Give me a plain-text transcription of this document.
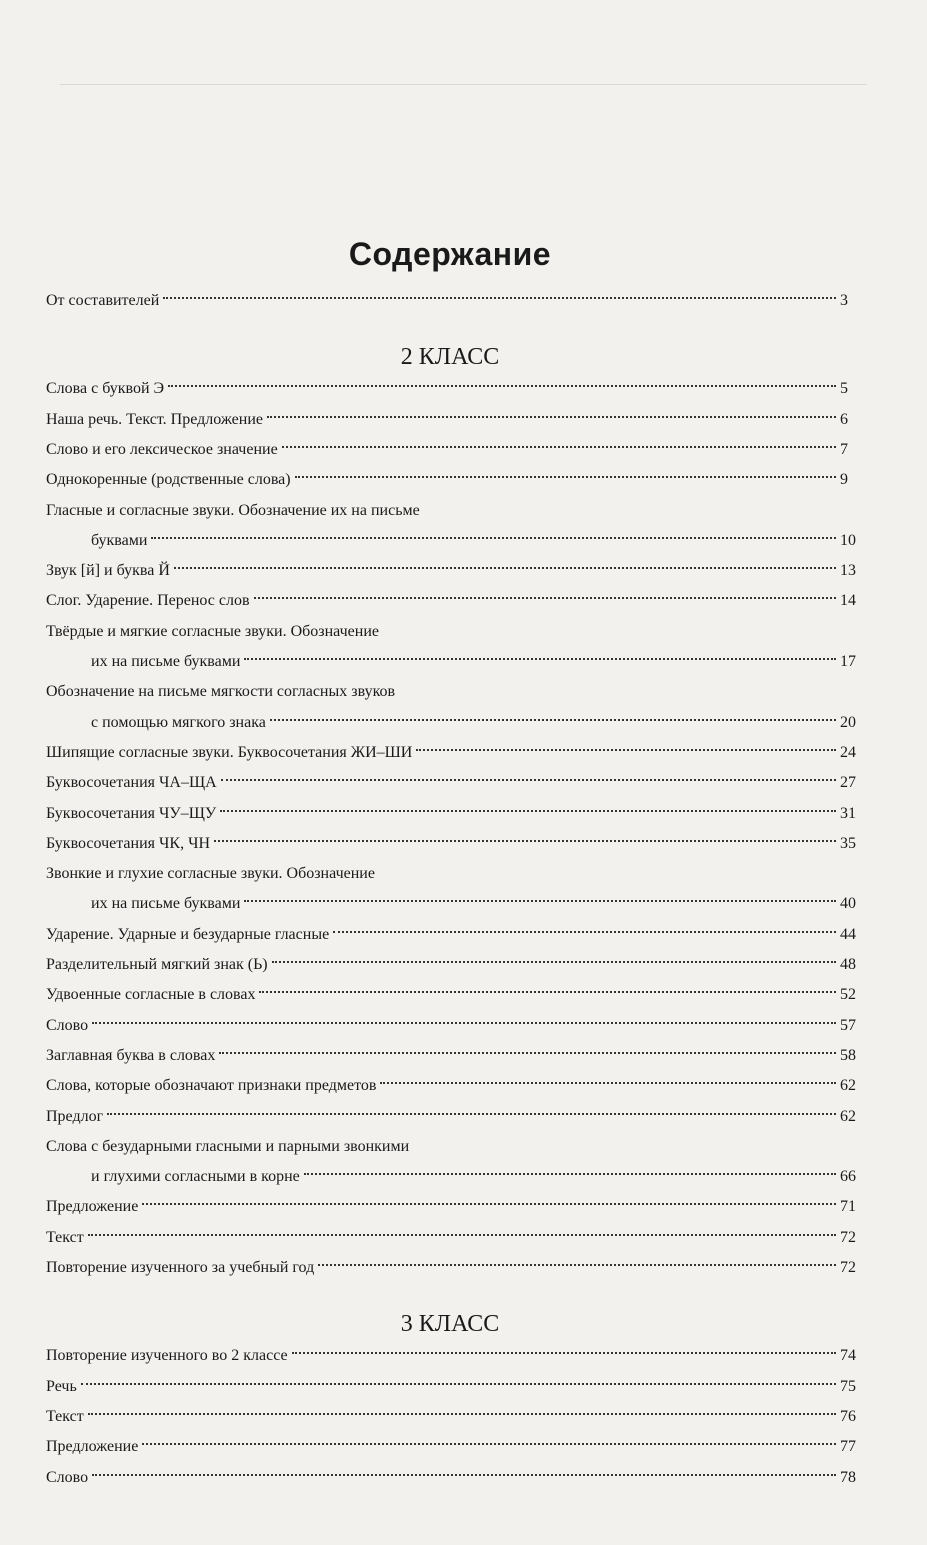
Содержание
От составителей	3
2 КЛАСС
Слова с буквой Э	5
Наша речь. Текст. Предложение	6
Слово и его лексическое значение	7
Однокоренные (родственные слова)	9
Гласные и согласные звуки. Обозначение их на письме
буквами	10
Звук [й] и буква Й	13
Слог. Ударение. Перенос слов	14
Твёрдые и мягкие согласные звуки. Обозначение
их на письме буквами	17
Обозначение на письме мягкости согласных звуков
с помощью мягкого знака	20
Шипящие согласные звуки. Буквосочетания ЖИ–ШИ	24
Буквосочетания ЧА–ЩА	27
Буквосочетания ЧУ–ЩУ	31
Буквосочетания ЧК, ЧН	35
Звонкие и глухие согласные звуки. Обозначение
их на письме буквами	40
Ударение. Ударные и безударные гласные	44
Разделительный мягкий знак (Ь)	48
Удвоенные согласные в словах	52
Слово	57
Заглавная буква в словах	58
Слова, которые обозначают признаки предметов	62
Предлог	62
Слова с безударными гласными и парными звонкими
и глухими согласными в корне	66
Предложение	71
Текст	72
Повторение изученного за учебный год	72
3 КЛАСС
Повторение изученного во 2 классе	74
Речь	75
Текст	76
Предложение	77
Слово	78
